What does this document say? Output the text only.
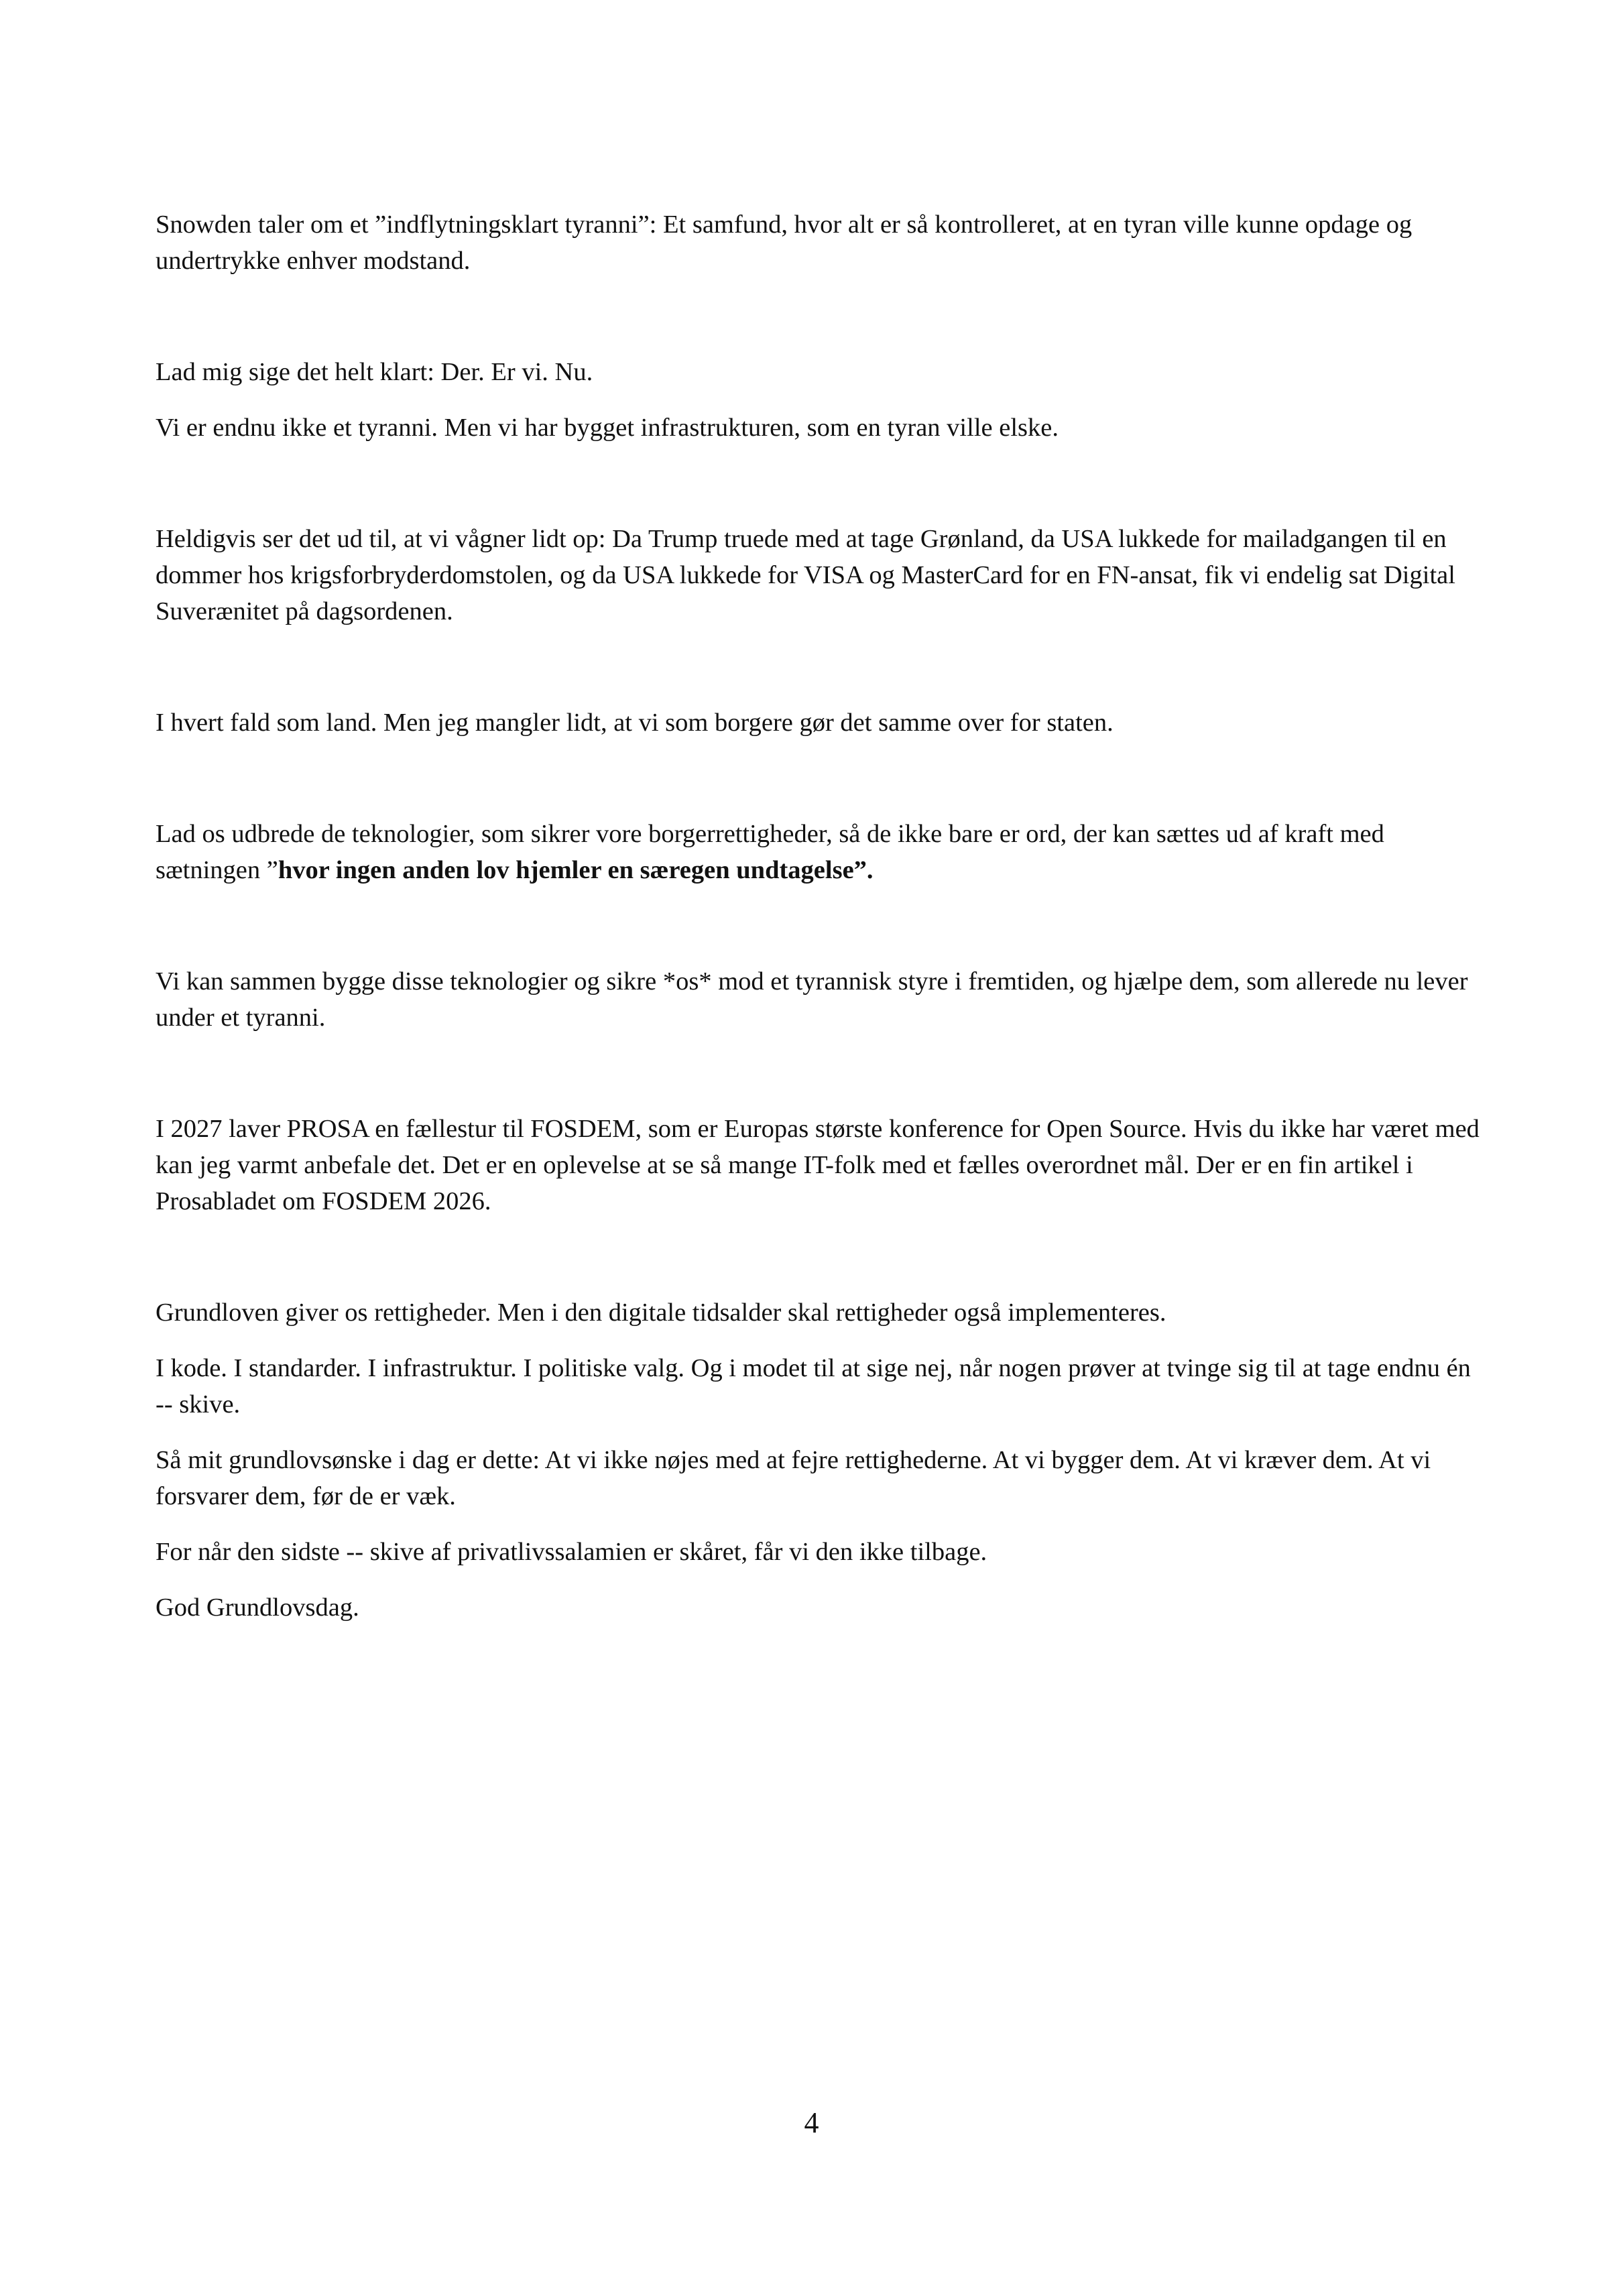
Snowden taler om et ”indflytningsklart tyranni”: Et samfund, hvor alt er så kontrolleret, at en tyran ville kunne opdage og undertrykke enhver modstand.

Lad mig sige det helt klart: Der. Er vi. Nu.

Vi er endnu ikke et tyranni. Men vi har bygget infrastrukturen, som en tyran ville elske.

Heldigvis ser det ud til, at vi vågner lidt op: Da Trump truede med at tage Grønland, da USA lukkede for mailadgangen til en dommer hos krigsforbryderdomstolen, og da USA lukkede for VISA og MasterCard for en FN-ansat, fik vi endelig sat Digital Suverænitet på dagsordenen.

I hvert fald som land. Men jeg mangler lidt, at vi som borgere gør det samme over for staten.

Lad os udbrede de teknologier, som sikrer vore borgerrettigheder, så de ikke bare er ord, der kan sættes ud af kraft med sætningen ”hvor ingen anden lov hjemler en særegen undtagelse”.

Vi kan sammen bygge disse teknologier og sikre *os* mod et tyrannisk styre i fremtiden, og hjælpe dem, som allerede nu lever under et tyranni.

I 2027 laver PROSA en fællestur til FOSDEM, som er Europas største konference for Open Source. Hvis du ikke har været med kan jeg varmt anbefale det. Det er en oplevelse at se så mange IT-folk med et fælles overordnet mål. Der er en fin artikel i Prosabladet om FOSDEM 2026.

Grundloven giver os rettigheder. Men i den digitale tidsalder skal rettigheder også implementeres.

I kode. I standarder. I infrastruktur. I politiske valg. Og i modet til at sige nej, når nogen prøver at tvinge sig til at tage endnu én -- skive.

Så mit grundlovsønske i dag er dette: At vi ikke nøjes med at fejre rettighederne. At vi bygger dem. At vi kræver dem. At vi forsvarer dem, før de er væk.

For når den sidste -- skive af privatlivssalamien er skåret, får vi den ikke tilbage.

God Grundlovsdag.

4
